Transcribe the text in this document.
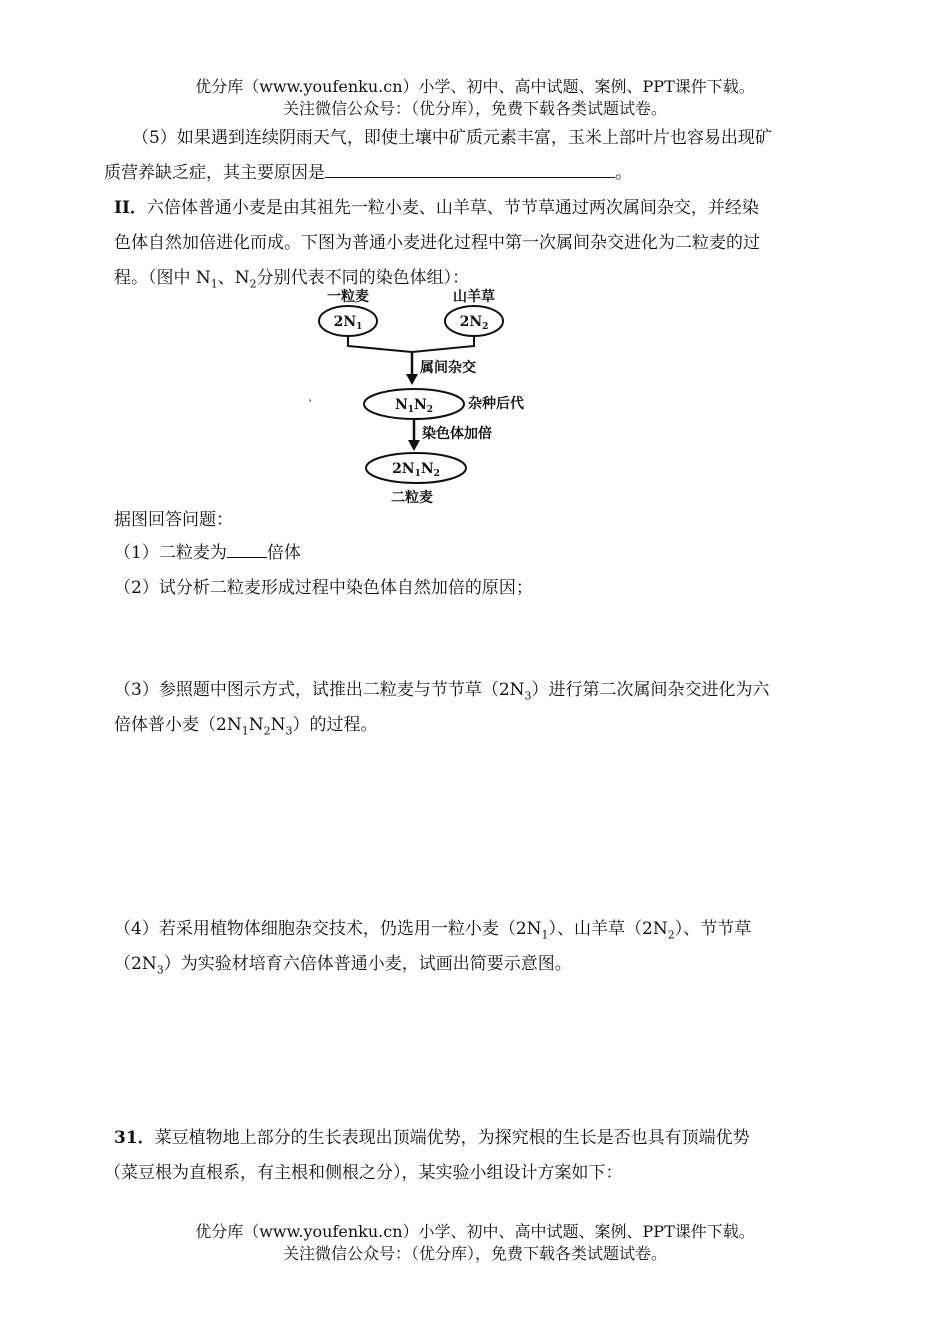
优分库（www.youfenku.cn）小学、初中、高中试题、案例、PPT课件下载。
关注微信公众号：（优分库），免费下载各类试题试卷。
（5）如果遇到连续阴雨天气，即使土壤中矿质元素丰富，玉米上部叶片也容易出现矿
质营养缺乏症，其主要原因是	。
II．六倍体普通小麦是由其祖先一粒小麦、山羊草、节节草通过两次属间杂交，并经染
色体自然加倍进化而成。下图为普通小麦进化过程中第一次属间杂交进化为二粒麦的过
程。（图中 $N_1$、$N_2$分别代表不同的染色体组）：
一粒麦
$2N_1$
山羊草
$2N_2$
属间杂交
$N_1N_2$ 杂种后代
ˋ
染色体加倍
$2N_1N_2$
二粒麦
据图回答问题：
（1）二粒麦为 倍体
（2）试分析二粒麦形成过程中染色体自然加倍的原因；
（3）参照题中图示方式，试推出二粒麦与节节草$(2N_3)$进行第二次属间杂交进化为六
倍体普小麦$(2N_1N_2N_3)$的过程。
（4）若采用植物体细胞杂交技术，仍选用一粒小麦$(2N_1)$、山羊草$(2N_2)$、节节草
$(2N_3)$为实验材培育六倍体普通小麦，试画出简要示意图。
31．菜豆植物地上部分的生长表现出顶端优势，为探究根的生长是否也具有顶端优势
（菜豆根为直根系，有主根和侧根之分），某实验小组设计方案如下：
优分库（www.youfenku.cn）小学、初中、高中试题、案例、PPT课件下载。
关注微信公众号：（优分库），免费下载各类试题试卷。
